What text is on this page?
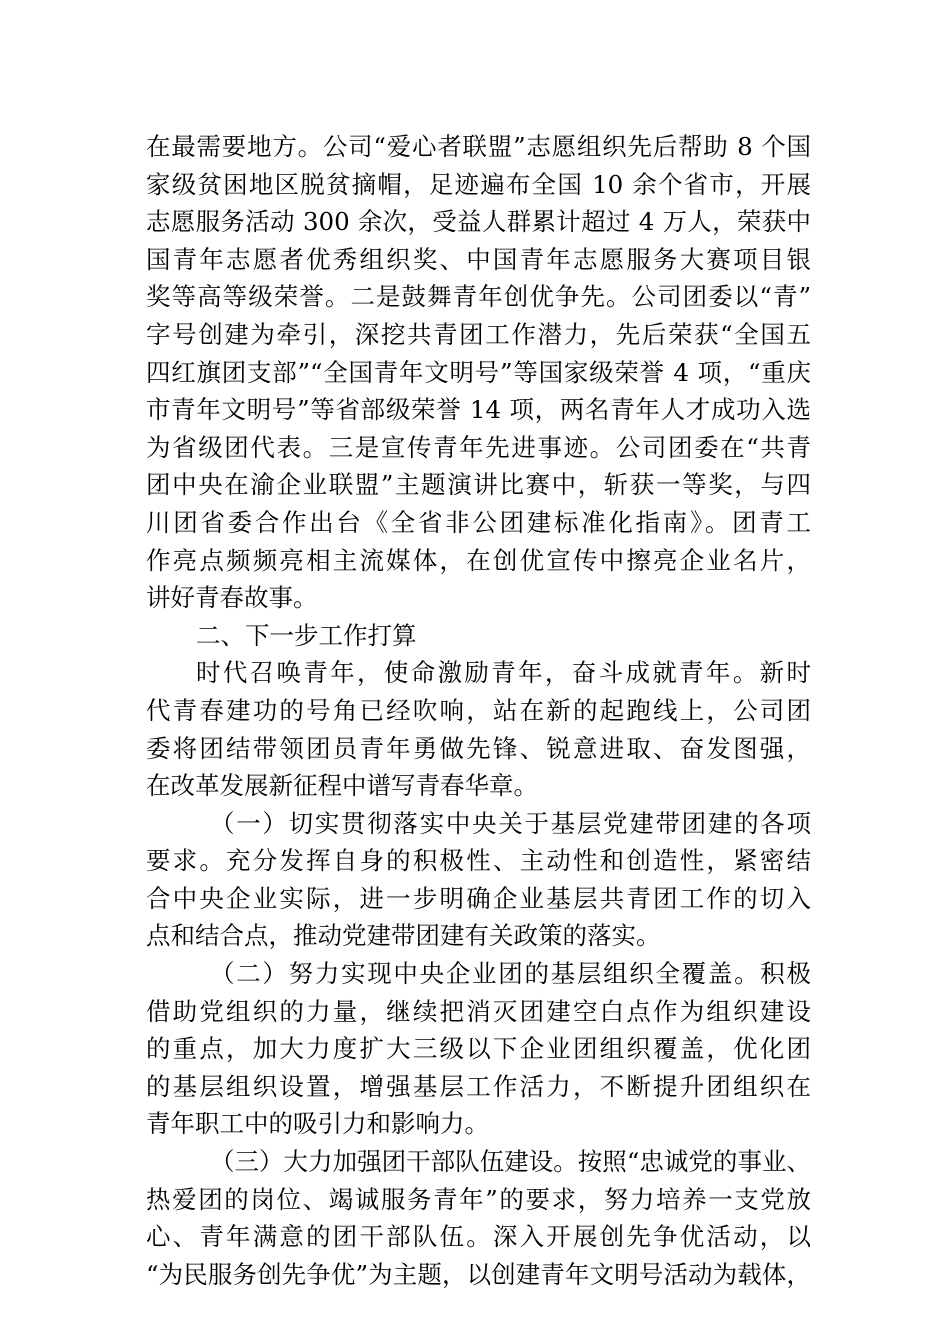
在最需要地方。公司“爱心者联盟”志愿组织先后帮助 8 个国
家级贫困地区脱贫摘帽，足迹遍布全国 10 余个省市，开展
志愿服务活动 300 余次，受益人群累计超过 4 万人，荣获中
国青年志愿者优秀组织奖、中国青年志愿服务大赛项目银
奖等高等级荣誉。二是鼓舞青年创优争先。公司团委以“青”
字号创建为牵引，深挖共青团工作潜力，先后荣获“全国五
四红旗团支部”“全国青年文明号”等国家级荣誉 4 项，“重庆
市青年文明号”等省部级荣誉 14 项，两名青年人才成功入选
为省级团代表。三是宣传青年先进事迹。公司团委在“共青
团中央在渝企业联盟”主题演讲比赛中，斩获一等奖，与四
川团省委合作出台《全省非公团建标准化指南》。团青工
作亮点频频亮相主流媒体，在创优宣传中擦亮企业名片，
讲好青春故事。
二、下一步工作打算
时代召唤青年，使命激励青年，奋斗成就青年。新时
代青春建功的号角已经吹响，站在新的起跑线上，公司团
委将团结带领团员青年勇做先锋、锐意进取、奋发图强，
在改革发展新征程中谱写青春华章。
（一）切实贯彻落实中央关于基层党建带团建的各项
要求。充分发挥自身的积极性、主动性和创造性，紧密结
合中央企业实际，进一步明确企业基层共青团工作的切入
点和结合点，推动党建带团建有关政策的落实。
（二）努力实现中央企业团的基层组织全覆盖。积极
借助党组织的力量，继续把消灭团建空白点作为组织建设
的重点，加大力度扩大三级以下企业团组织覆盖，优化团
的基层组织设置，增强基层工作活力，不断提升团组织在
青年职工中的吸引力和影响力。
（三）大力加强团干部队伍建设。按照“忠诚党的事业、
热爱团的岗位、竭诚服务青年”的要求，努力培养一支党放
心、青年满意的团干部队伍。深入开展创先争优活动，以
“为民服务创先争优”为主题，以创建青年文明号活动为载体，
